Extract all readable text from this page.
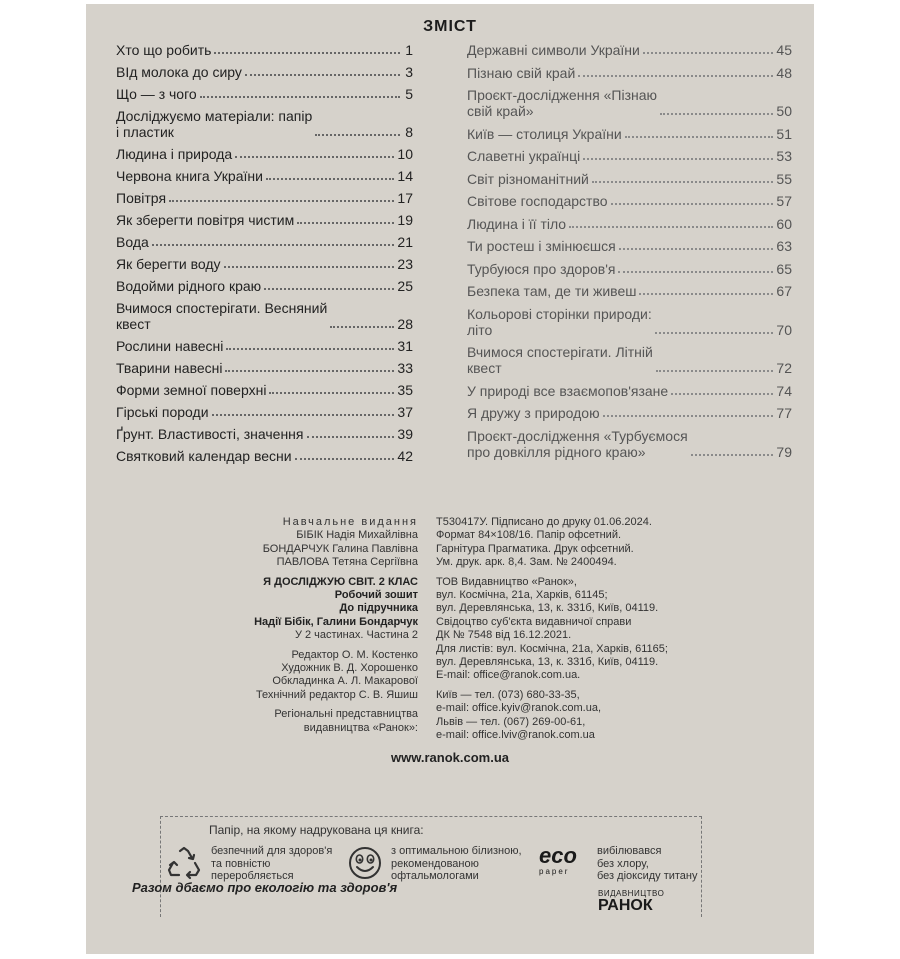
ЗМІСТ
Хто що робить	1
ВІд молока до сиру	3
Що — з чого	5
Досліджуємо матеріали: папір
і пластик	8
Людина і природа	10
Червона книга України	14
Повітря	17
Як зберегти повітря чистим	19
Вода	21
Як берегти воду	23
Водойми рідного краю	25
Вчимося спостерігати. Весняний
квест	28
Рослини навесні	31
Тварини навесні	33
Форми земної поверхні	35
Гірські породи	37
Ґрунт. Властивості, значення	39
Святковий календар весни	42
Державні символи України	45
Пізнаю свій край	48
Проєкт-дослідження «Пізнаю
свій край»	50
Київ — столиця України	51
Славетні українці	53
Світ різноманітний	55
Світове господарство	57
Людина і її тіло	60
Ти ростеш і змінюєшся	63
Турбуюся про здоров'я	65
Безпека там, де ти живеш	67
Кольорові сторінки природи:
літо	70
Вчимося спостерігати. Літній
квест	72
У природі все взаємопов'язане	74
Я дружу з природою	77
Проєкт-дослідження «Турбуємося
про довкілля рідного краю»	79
Навчальне видання
БІБІК Надія Михайлівна
БОНДАРЧУК Галина Павлівна
ПАВЛОВА Тетяна Сергіївна
Я ДОСЛІДЖУЮ СВІТ. 2 КЛАС
Робочий зошит
До підручника
Надії Бібік, Галини Бондарчук
У 2 частинах. Частина 2
Редактор О. М. Костенко
Художник В. Д. Хорошенко
Обкладинка А. Л. Макарової
Технічний редактор С. В. Яшиш
Регіональні представництва
видавництва «Ранок»:
Т530417У. Підписано до друку 01.06.2024.
Формат 84×108/16. Папір офсетний.
Гарнітура Прагматика. Друк офсетний.
Ум. друк. арк. 8,4. Зам. № 2400494.
ТОВ Видавництво «Ранок»,
вул. Космічна, 21а, Харків, 61145;
вул. Деревлянська, 13, к. 331б, Київ, 04119.
Свідоцтво суб'єкта видавничої справи
ДК № 7548 від 16.12.2021.
Для листів: вул. Космічна, 21а, Харків, 61165;
вул. Деревлянська, 13, к. 331б, Київ, 04119.
E-mail: office@ranok.com.ua.
Київ — тел. (073) 680-33-35,
e-mail: office.kyiv@ranok.com.ua,
Львів — тел. (067) 269-00-61,
e-mail: office.lviv@ranok.com.ua
www.ranok.com.ua
Папір, на якому надрукована ця книга:
безпечний для здоров'я
та повністю
переробляється
з оптимальною білизною,
рекомендованою
офтальмологами
eco
paper
вибілювався
без хлору,
без діоксиду титану
Разом дбаємо про екологію та здоров'я	ВИДАВНИЦТВО
РАНОК
